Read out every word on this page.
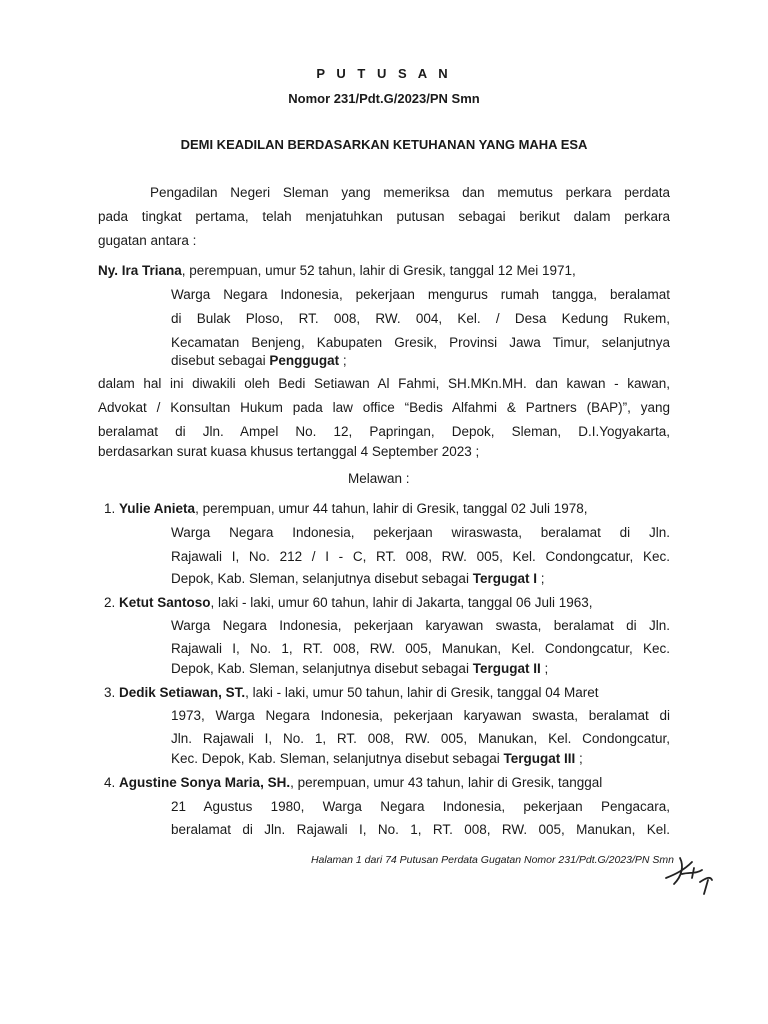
P U T U S A N
Nomor 231/Pdt.G/2023/PN Smn
DEMI KEADILAN BERDASARKAN KETUHANAN YANG MAHA ESA
Pengadilan Negeri Sleman yang memeriksa dan memutus perkara perdata
pada tingkat pertama, telah menjatuhkan putusan sebagai berikut dalam perkara
gugatan antara :
Ny. Ira Triana, perempuan, umur 52 tahun, lahir di Gresik, tanggal 12 Mei 1971,
Warga Negara Indonesia, pekerjaan mengurus rumah tangga, beralamat
di Bulak Ploso, RT. 008, RW. 004, Kel. / Desa Kedung Rukem,
Kecamatan Benjeng, Kabupaten Gresik, Provinsi Jawa Timur, selanjutnya
disebut sebagai Penggugat ;
dalam hal ini diwakili oleh Bedi Setiawan Al Fahmi, SH.MKn.MH. dan kawan - kawan,
Advokat / Konsultan Hukum pada law office “Bedis Alfahmi & Partners (BAP)”, yang
beralamat di Jln. Ampel No. 12, Papringan, Depok, Sleman, D.I.Yogyakarta,
berdasarkan surat kuasa khusus tertanggal 4 September 2023 ;
Melawan :
1. Yulie Anieta, perempuan, umur 44 tahun, lahir di Gresik, tanggal 02 Juli 1978,
Warga Negara Indonesia, pekerjaan wiraswasta, beralamat di Jln.
Rajawali I, No. 212 / I - C, RT. 008, RW. 005, Kel. Condongcatur, Kec.
Depok, Kab. Sleman, selanjutnya disebut sebagai Tergugat I ;
2. Ketut Santoso, laki - laki, umur 60 tahun, lahir di Jakarta, tanggal 06 Juli 1963,
Warga Negara Indonesia, pekerjaan karyawan swasta, beralamat di Jln.
Rajawali I, No. 1, RT. 008, RW. 005, Manukan, Kel. Condongcatur, Kec.
Depok, Kab. Sleman, selanjutnya disebut sebagai Tergugat II ;
3. Dedik Setiawan, ST., laki - laki, umur 50 tahun, lahir di Gresik, tanggal 04 Maret
1973, Warga Negara Indonesia, pekerjaan karyawan swasta, beralamat di
Jln. Rajawali I, No. 1, RT. 008, RW. 005, Manukan, Kel. Condongcatur,
Kec. Depok, Kab. Sleman, selanjutnya disebut sebagai Tergugat III ;
4. Agustine Sonya Maria, SH., perempuan, umur 43 tahun, lahir di Gresik, tanggal
21 Agustus 1980, Warga Negara Indonesia, pekerjaan Pengacara,
beralamat di Jln. Rajawali I, No. 1, RT. 008, RW. 005, Manukan, Kel.
Halaman 1 dari 74 Putusan Perdata Gugatan Nomor 231/Pdt.G/2023/PN Smn
